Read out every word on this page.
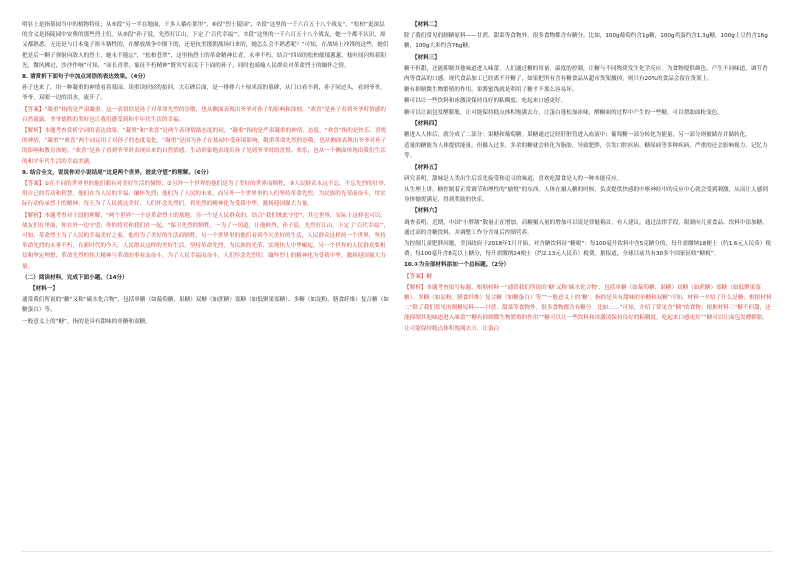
明显上是指墓园当中的植物特征；从⑤段“另一半在地面，干多人躺在那里”，⑥段“烈士陵园”，⑦段“这里的一千六百五十八个战友”。“松柏”更深层的含义是指陵园中安葬的那些烈士们。从⑤段“孙子说，先烈打江山，下定了‘百代幸福’”，⑦段“这里的一千六百五十八个战友，她一个都不认识，却又都熟悉。无论是与日本鬼子拼斗牺牲的，在解放战争中倒下的，还是抗美援朝战场归来的，她怎么会不熟悉呢？”可知，在战场上冲锋的这些，她们把是后一颗子弹射向敌人的烈士，她永不能忘”，“松柏苍翠”，这里指烈士的革命精神长青，永垂不朽。结合“四周的松柏郁郁葱葱，枝叶间闪烁着阳光，微风拂过，沙沙作响”可知，“而长青翠，象征不朽精神”既突写而关于下面的孙子，同时也暗喻人民群众对革命烈士的缅怀之情。

8. 请赏析下面句子中加点词语的表达效果。（4分）

孙子也来了，用一种凝重的神情看着墓园。读重读轻轻的拍回，大石碑后面，是一排排六十厘米高的墓碑，从门口看不到，孙子同过头，看到爷爷，爷爷，双眼一边的泪水，流开了。

【答案】“凝重”指的是严肃凝重。这一表情恰是孙子对革命先烈的崇敬，也从侧面表现出爷爷对孙子的影响和深刻，“欢喜”是孙子看到爷爷时情感的自然流露，爷爷德胜的类好也让我们感受到和平年代生活的幸福。

【解析】本题考查赏析字词的表达效果。“凝重”和“欢喜”是两个表现情绪态度的词，“凝重”指的是严肃凝重的神情、态度，“欢喜”指的是快乐、喜悦的神情，“凝重”“欢喜”两个词运用了对孙子的态度变化，“凝重”是因为孙子在墓园中受环境影响，敬重革命先烈的崇敬，也从侧面表现出爷爷对孙子的影响和教育深刻；“欢喜”是孙子看到爷爷时表现出来的自然情感，生动形象地表现出孙子见到爷爷时的喜悦、欢乐，也从一个侧面体现出我们生活的和平年代生活的幸福美满。

9. 结合全文，说说你对小说结尾“这是两个世界，彼此守望”的理解。（6分）

【答案】①在不同的世界里的他们都有对美好生活的憧憬；②另外一个世界的他们是为了美好的世界而牺牲，③人民群众永远不忘，不忘先烈的壮举，用自己的劳动和智慧，他们在为人民的幸福、缅怀先烈；他们为了人民的未来，而另外一个世界里的人们坚持革命先烈，为民族的光荣而奋斗，用实际行动传承烈士的精神，每天为了人民就这美好，人们怀念先烈们，将先烈的精神化为受我中华，激扬迎国强大力量。

【解析】本题考查对于段的理解，“两个世界”一个是革命烈士的墓地，另一个是人民群众的，结合“我们彼此守望”，其它世界，实际上这样也可以：战友们在里面，你在外一边守望；你的将官和我们在一起，“保卫先烈的牺牲，一为了一切道，让他鲜烈，孙子说，先烈打江山，下定了‘百代幸福’”，可知，革命烈士为了人民的幸福美好之家，他们为了美好的生活而牺牲，另一个世界里的他们看到今天美好的生活，人民群众这样的一个世界，坚持革命先烈的永垂不朽，在新时代的今天，人民群众这样的美好生活，坚持革命先烈，为民族的光荣，实现伟大中华崛起，另一个世界的人民群众要相信和坚定理想，革命先烈的伟大精神与革命的事业而奋斗，为了人民幸福而奋斗，人们怀念先烈们：缅怀烈士的精神化为受我中华，激扬迎国强大力量。

（二）阅读材料，完成下面小题。（14分）

【材料一】

通常我们所说的“糖”又称“碳水化合物”，包括单糖（如葡萄糖、果糖）双糖（如蔗糖）寡糖（如低聚果寡糖）、多糖（如淀粉、膳食纤维）复合糖（如糖蛋白）等。

一般意义上的“糖”，指的是具有甜味的单糖和双糖。

【材料二】

除了我们常见的制糖原料——甘蔗、甜菜等食物外，很多食物都含有糖分。比如，100g葡萄约含1g糖，100g鸡蛋约含1.3g糖，100g土豆约含16g糖，100g大米约含76g糖。

【材料三】

糖不但甜，还能抑制其他味道进入味蕾。人们通过糖的用量、温度的控制，让糖与不同物质发生化学反应，为食物提供颜色，产生不同味道，调节香肉等食品的口感。现代食品加工已经离不开糖了，如果把所有含有糖食品从超市货架撤掉，则只有20%的食品会留在货架上。

糖有抑制微生物繁殖的作用，果酱蜜饯就是利用了糖才不那么容易坏。

糖可以让一些饮料和冰激凌保持良好的粘稠度，吃起来口感更好。

糖可以让面包发酵膨胀，让可能保持糕点体积饱满去方，让蛋白蓬松加冰味，酵酮面的过程中产生的一些糖，可以帮助面粉变色。

【材料四】

糖进入人体后，就分成了二部分：果糖和葡萄糖。果糖通过泛经肝脏管进入血液中；葡萄糖一部分转化为能量，另一部分则被储存并储转化。

适量的糖能为人体提供能量，但摄入过多，多余的糖就会转化为脂肪，导致肥胖，引发口腔疾病、糖尿病等多种疾病，严重的还会影响视力、记忆力等。

【材料五】

研究表明，甜味是人类出生后首先接受和追寻的味道，喜欢吃甜食是人的一种本能反应。

从生理上讲，糖控制着正常调节和理性的“愉悦”的东西。人体在摄入糖的时候，负责提供快感的中枢神经中的反应中心就会受到刺激，从而让人感到身体愉悦满足，得到奖励的快乐。

【材料六】

调查表明，近期，中国“小胖墩”数量正在增加，而糖摄入量的增加可以说是罪魁祸首。有人建议，通过法律手段，限制向儿童食品、饮料中添加糖，通过高的含糖饮料，并调整工作分含量后控制营养。

为控制儿童肥胖问题，美国政府于2018年1月开始，对含糖饮料征“糖税”：每100毫升饮料中含5克糖分的，每升需缴纳18便士（约1.6元人民币）税费；每100毫升含8克以上糖分，每升需缴纳24便士（约2.13元人民币）税费。据报道，全球目前共有30多个国家征收“糖税”。

10.①为全部材料添加一个总标题。（2分）

【答案】糖

【解析】本题考查拟写标题。根据材料一“通常我们所说的‘糖’又称‘碳水化合物’，包括单糖（如葡萄糖、果糖）双糖（如蔗糖）寡糖（如低聚果寡糖）、多糖（如淀粉、膳食纤维）复合糖（如糖蛋白）等”“一般意义上的‘糖’，指的是具有甜味的单糖和双糖”可知，材料一介绍了什么是糖；根据材料二“除了我们常见的制糖原料——甘蔗、甜菜等食物外，很多食物都含有糖分。比如……”可知，介绍了常见含“糖”的食物；根据材料三“糖不但甜，还能抑制其他味道进入味蕾”“糖有抑制微生物繁殖的作用”“糖可以让一些饮料和冰激凌保持良好的粘稠度，吃起来口感更好”“糖可以让面包发酵膨胀，让可能保持糕点体积饱满去方，让蛋白
